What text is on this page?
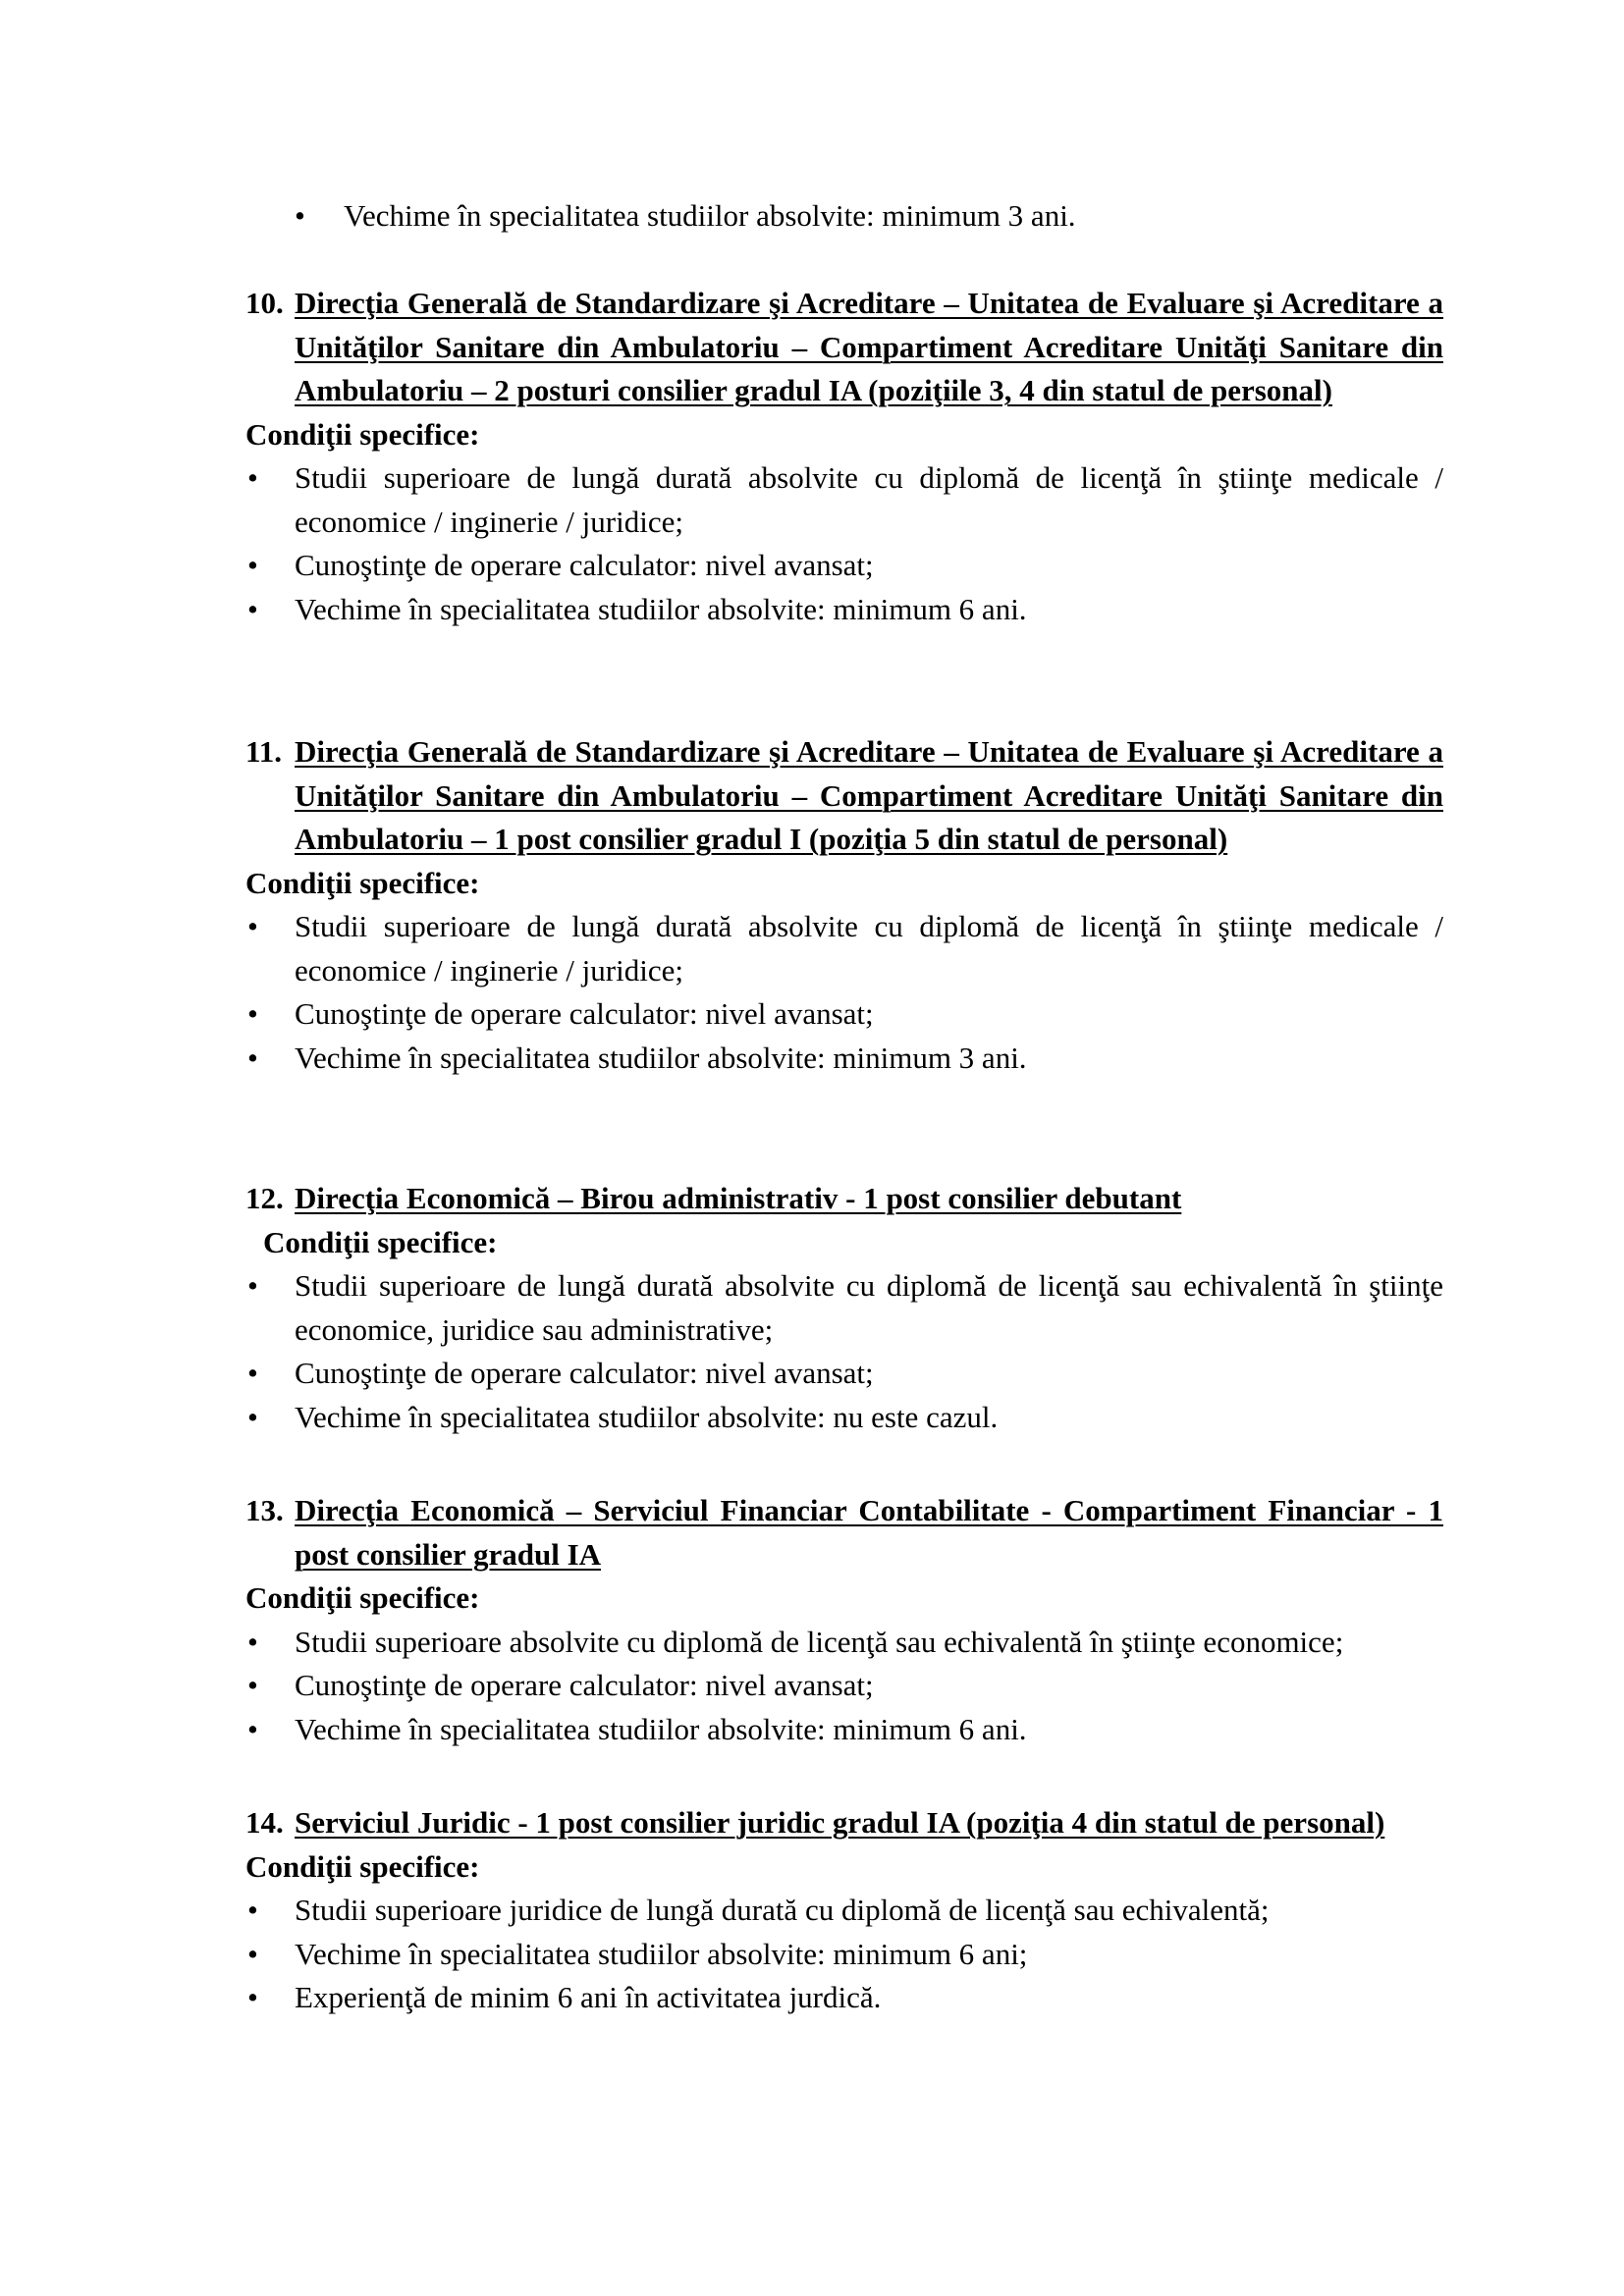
• Vechime în specialitatea studiilor absolvite: minimum 3 ani.
10. Direcţia Generală de Standardizare şi Acreditare – Unitatea de Evaluare şi Acreditare a Unităţilor Sanitare din Ambulatoriu – Compartiment Acreditare Unităţi Sanitare din Ambulatoriu – 2 posturi consilier gradul IA (poziţiile 3, 4 din statul de personal)
Condiţii specifice:
• Studii superioare de lungă durată absolvite cu diplomă de licenţă în ştiinţe medicale / economice / inginerie / juridice;
• Cunoştinţe de operare calculator: nivel avansat;
• Vechime în specialitatea studiilor absolvite: minimum 6 ani.
11. Direcţia Generală de Standardizare şi Acreditare – Unitatea de Evaluare şi Acreditare a Unităţilor Sanitare din Ambulatoriu – Compartiment Acreditare Unităţi Sanitare din Ambulatoriu – 1 post consilier gradul I (poziţia 5 din statul de personal)
Condiţii specifice:
• Studii superioare de lungă durată absolvite cu diplomă de licenţă în ştiinţe medicale / economice / inginerie / juridice;
• Cunoştinţe de operare calculator: nivel avansat;
• Vechime în specialitatea studiilor absolvite: minimum 3 ani.
12. Direcţia Economică – Birou administrativ - 1 post consilier debutant
Condiţii specifice:
• Studii superioare de lungă durată absolvite cu diplomă de licenţă sau echivalentă în ştiinţe economice, juridice sau administrative;
• Cunoştinţe de operare calculator: nivel avansat;
• Vechime în specialitatea studiilor absolvite: nu este cazul.
13. Direcţia Economică – Serviciul Financiar Contabilitate - Compartiment Financiar - 1 post consilier gradul IA
Condiţii specifice:
• Studii superioare absolvite cu diplomă de licenţă sau echivalentă în ştiinţe economice;
• Cunoştinţe de operare calculator: nivel avansat;
• Vechime în specialitatea studiilor absolvite: minimum 6 ani.
14. Serviciul Juridic - 1 post consilier juridic gradul IA (poziţia 4 din statul de personal)
Condiţii specifice:
• Studii superioare juridice de lungă durată cu diplomă de licenţă sau echivalentă;
• Vechime în specialitatea studiilor absolvite: minimum 6 ani;
• Experienţă de minim 6 ani în activitatea jurdică.
